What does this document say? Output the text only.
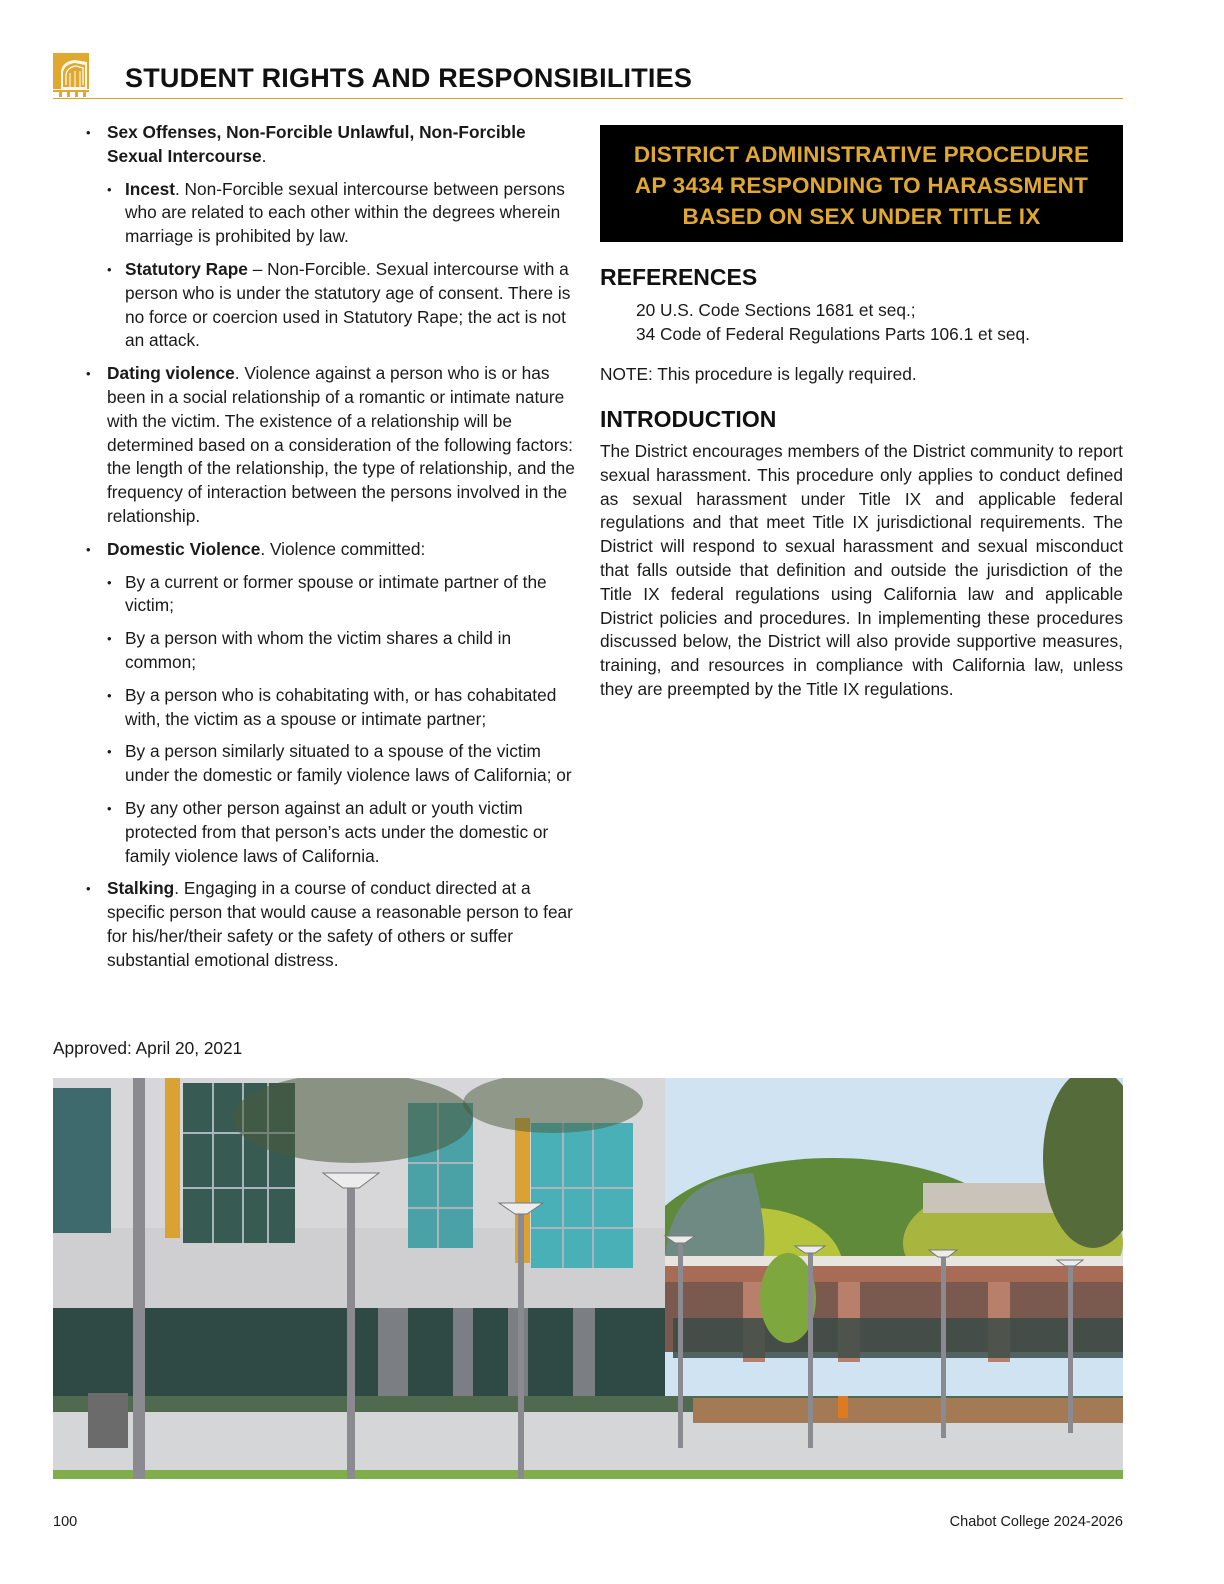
STUDENT RIGHTS AND RESPONSIBILITIES
• Sex Offenses, Non-Forcible Unlawful, Non-Forcible Sexual Intercourse.
• Incest. Non-Forcible sexual intercourse between persons who are related to each other within the degrees wherein marriage is prohibited by law.
• Statutory Rape – Non-Forcible. Sexual intercourse with a person who is under the statutory age of consent. There is no force or coercion used in Statutory Rape; the act is not an attack.
• Dating violence. Violence against a person who is or has been in a social relationship of a romantic or intimate nature with the victim. The existence of a relationship will be determined based on a consideration of the following factors: the length of the relationship, the type of relationship, and the frequency of interaction between the persons involved in the relationship.
• Domestic Violence. Violence committed:
• By a current or former spouse or intimate partner of the victim;
• By a person with whom the victim shares a child in common;
• By a person who is cohabitating with, or has cohabitated with, the victim as a spouse or intimate partner;
• By a person similarly situated to a spouse of the victim under the domestic or family violence laws of California; or
• By any other person against an adult or youth victim protected from that person’s acts under the domestic or family violence laws of California.
• Stalking. Engaging in a course of conduct directed at a specific person that would cause a reasonable person to fear for his/her/their safety or the safety of others or suffer substantial emotional distress.
Approved: April 20, 2021
DISTRICT ADMINISTRATIVE PROCEDURE
AP 3434 RESPONDING TO HARASSMENT
BASED ON SEX UNDER TITLE IX
REFERENCES
20 U.S. Code Sections 1681 et seq.;
34 Code of Federal Regulations Parts 106.1 et seq.
NOTE: This procedure is legally required.
INTRODUCTION

The District encourages members of the District community to report sexual harassment. This procedure only applies to conduct defined as sexual harassment under Title IX and applicable federal regulations and that meet Title IX jurisdictional requirements. The District will respond to sexual harassment and sexual misconduct that falls outside that definition and outside the jurisdiction of the Title IX federal regulations using California law and applicable District policies and procedures. In implementing these procedures discussed below, the District will also provide supportive measures, training, and resources in compliance with California law, unless they are preempted by the Title IX regulations.

100	Chabot College 2024-2026
